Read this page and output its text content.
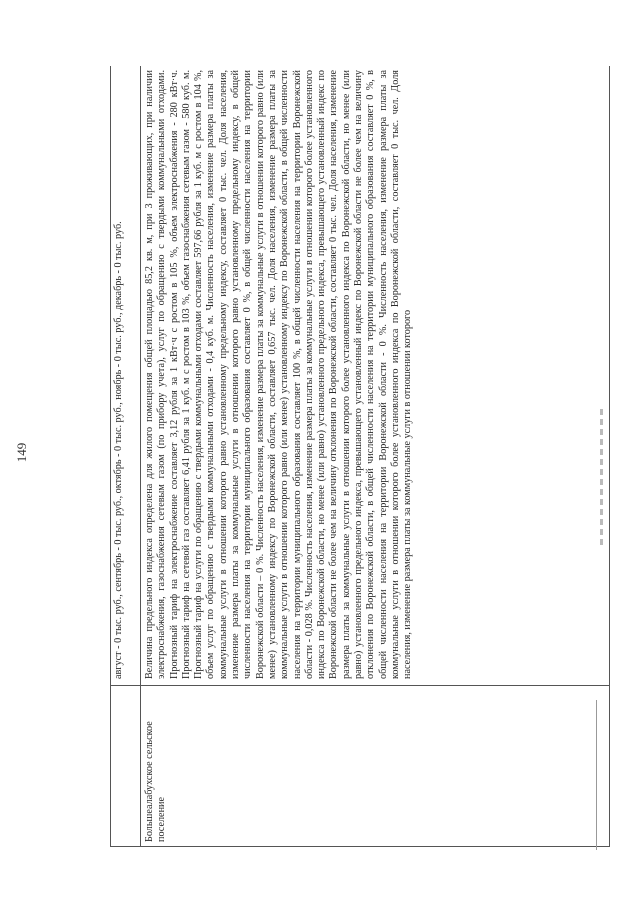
149	август - 0 тыс. руб., сентябрь - 0 тыс. руб., октябрь - 0 тыс. руб., ноябрь - 0 тыс. руб., декабрь - 0 тыс. руб.

Большеалабухское сельское поселение

Величина предельного индекса определена для жилого помещения общей площадью 85,2 кв. м, при 3 проживающих, при наличии электроснабжения, газоснабжения сетевым газом (по прибору учета), услуг по обращению с твердыми коммунальными отходами. Прогнозный тариф на электроснабжение составляет 3,12 рубля за 1 кВт·ч с ростом в 105 %, объем электроснабжения - 280 кВт·ч. Прогнозный тариф на сетевой газ составляет 6,41 рубля за 1 куб. м с ростом в 103 %, объем газоснабжения сетевым газом - 580 куб. м. Прогнозный тариф на услуги по обращению с твердыми коммунальными отходами составляет 597,66 рубля за 1 куб. м с ростом в 104 %, объем услуг по обращению с твердыми коммунальными отходами - 0,4 куб. м. Численность населения, изменение размера платы за коммунальные услуги в отношении которого равно установленному предельному индексу, составляет 0 тыс. чел. Доля населения, изменение размера платы за коммунальные услуги в отношении которого равно установленному предельному индексу, в общей численности населения на территории муниципального образования составляет 0 %, в общей численности населения на территории Воронежской области – 0 %. Численность населения, изменение размера платы за коммунальные услуги в отношении которого равно (или менее) установленному индексу по Воронежской области, составляет 0,657 тыс. чел. Доля населения, изменение размера платы за коммунальные услуги в отношении которого равно (или менее) установленному индексу по Воронежской области, в общей численности населения на территории муниципального образования составляет 100 %, в общей численности населения на территории Воронежской области - 0,028 %. Численность населения, изменение размера платы за коммунальные услуги в отношении которого более установленного индекса по Воронежской области, но менее (или равно) установленного предельного индекса, превышающего установленный индекс по Воронежской области не более чем на величину отклонения по Воронежской области, составляет 0 тыс. чел. Доля населения, изменение размера платы за коммунальные услуги в отношении которого более установленного индекса по Воронежской области, но менее (или равно) установленного предельного индекса, превышающего установленный индекс по Воронежской области не более чем на величину отклонения по Воронежской области, в общей численности населения на территории муниципального образования составляет 0 %, в общей численности населения на территории Воронежской области - 0 %. Численность населения, изменение размера платы за коммунальные услуги в отношении которого более установленного индекса по Воронежской области, составляет 0 тыс. чел. Доля населения, изменение размера платы за коммунальные услуги в отношении которого
